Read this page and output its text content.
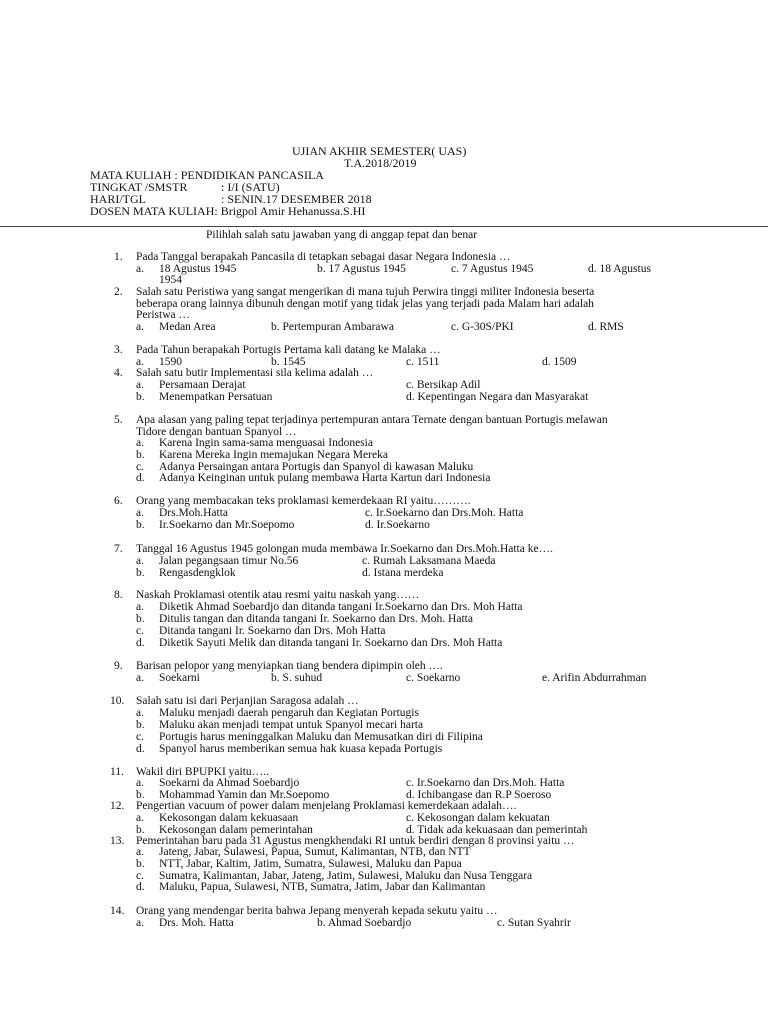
UJIAN AKHIR SEMESTER( UAS)
T.A.2018/2019
MATA KULIAH : PENDIDIKAN PANCASILA
TINGKAT /SMSTR	: I/I (SATU)
HARI/TGL	: SENIN.17 DESEMBER 2018
DOSEN MATA KULIAH: Brigpol Amir Hehanussa.S.HI
Pilihlah salah satu jawaban yang di anggap tepat dan benar
1. Pada Tanggal berapakah Pancasila di tetapkan sebagai dasar Negara Indonesia …
a. 18 Agustus 1945	b. 17 Agustus 1945	c. 7 Agustus 1945	d. 18 Agustus
1954
2. Salah satu Peristiwa yang sangat mengerikan di mana tujuh Perwira tinggi militer Indonesia beserta
beberapa orang lainnya dibunuh dengan motif yang tidak jelas yang terjadi pada Malam hari adalah
Peristwa …
a. Medan Area	b. Pertempuran Ambarawa	c. G-30S/PKI	d. RMS
3. Pada Tahun berapakah Portugis Pertama kali datang ke Malaka …
a. 1590	b. 1545	c. 1511	d. 1509
4. Salah satu butir Implementasi sila kelima adalah …
a. Persamaan Derajat	c. Bersikap Adil
b. Menempatkan Persatuan	d. Kepentingan Negara dan Masyarakat
5. Apa alasan yang paling tepat terjadinya pertempuran antara Ternate dengan bantuan Portugis melawan
Tidore dengan bantuan Spanyol …
a. Karena Ingin sama-sama menguasai Indonesia
b. Karena Mereka Ingin memajukan Negara Mereka
c. Adanya Persaingan antara Portugis dan Spanyol di kawasan Maluku
d. Adanya Keinginan untuk pulang membawa Harta Kartun dari Indonesia
6. Orang yang membacakan teks proklamasi kemerdekaan RI yaitu……….
a. Drs.Moh.Hatta	c. Ir.Soekarno dan Drs.Moh. Hatta
b. Ir.Soekarno dan Mr.Soepomo	d. Ir.Soekarno
7. Tanggal 16 Agustus 1945 golongan muda membawa Ir.Soekarno dan Drs.Moh.Hatta ke….
a. Jalan pegangsaan timur No.56	c. Rumah Laksamana Maeda
b. Rengasdengklok	d. Istana merdeka
8. Naskah Proklamasi otentik atau resmi yaitu naskah yang……
a. Diketik Ahmad Soebardjo dan ditanda tangani Ir.Soekarno dan Drs. Moh Hatta
b. Ditulis tangan dan ditanda tangani Ir. Soekarno dan Drs. Moh. Hatta
c. Ditanda tangani Ir. Soekarno dan Drs. Moh Hatta
d. Diketik Sayuti Melik dan ditanda tangani Ir. Soekarno dan Drs. Moh Hatta
9. Barisan pelopor yang menyiapkan tiang bendera dipimpin oleh ….
a. Soekarni	b. S. suhud	c. Soekarno	e. Arifin Abdurrahman
10. Salah satu isi dari Perjanjian Saragosa adalah …
a. Maluku menjadi daerah pengaruh dan Kegiatan Portugis
b. Maluku akan menjadi tempat untuk Spanyol mecari harta
c. Portugis harus meninggalkan Maluku dan Memusatkan diri di Filipina
d. Spanyol harus memberikan semua hak kuasa kepada Portugis
11. Wakil diri BPUPKI yaitu…..
a. Soekarni da Ahmad Soebardjo	c. Ir.Soekarno dan Drs.Moh. Hatta
b. Mohammad Yamin dan Mr.Soepomo	d. Ichibangase dan R.P Soeroso
12. Pengertian vacuum of power dalam menjelang Proklamasi kemerdekaan adalah….
a. Kekosongan dalam kekuasaan	c. Kekosongan dalam kekuatan
b. Kekosongan dalam pemerintahan	d. Tidak ada kekuasaan dan pemerintah
13. Pemerintahan baru pada 31 Agustus mengkhendaki RI untuk berdiri dengan 8 provinsi yaitu …
a. Jateng, Jabar, Sulawesi, Papua, Sumut, Kalimantan, NTB, dan NTT
b. NTT, Jabar, Kaltim, Jatim, Sumatra, Sulawesi, Maluku dan Papua
c. Sumatra, Kalimantan, Jabar, Jateng, Jatim, Sulawesi, Maluku dan Nusa Tenggara
d. Maluku, Papua, Sulawesi, NTB, Sumatra, Jatim, Jabar dan Kalimantan
14. Orang yang mendengar berita bahwa Jepang menyerah kepada sekutu yaitu …
a. Drs. Moh. Hatta	b. Ahmad Soebardjo	c. Sutan Syahrir
